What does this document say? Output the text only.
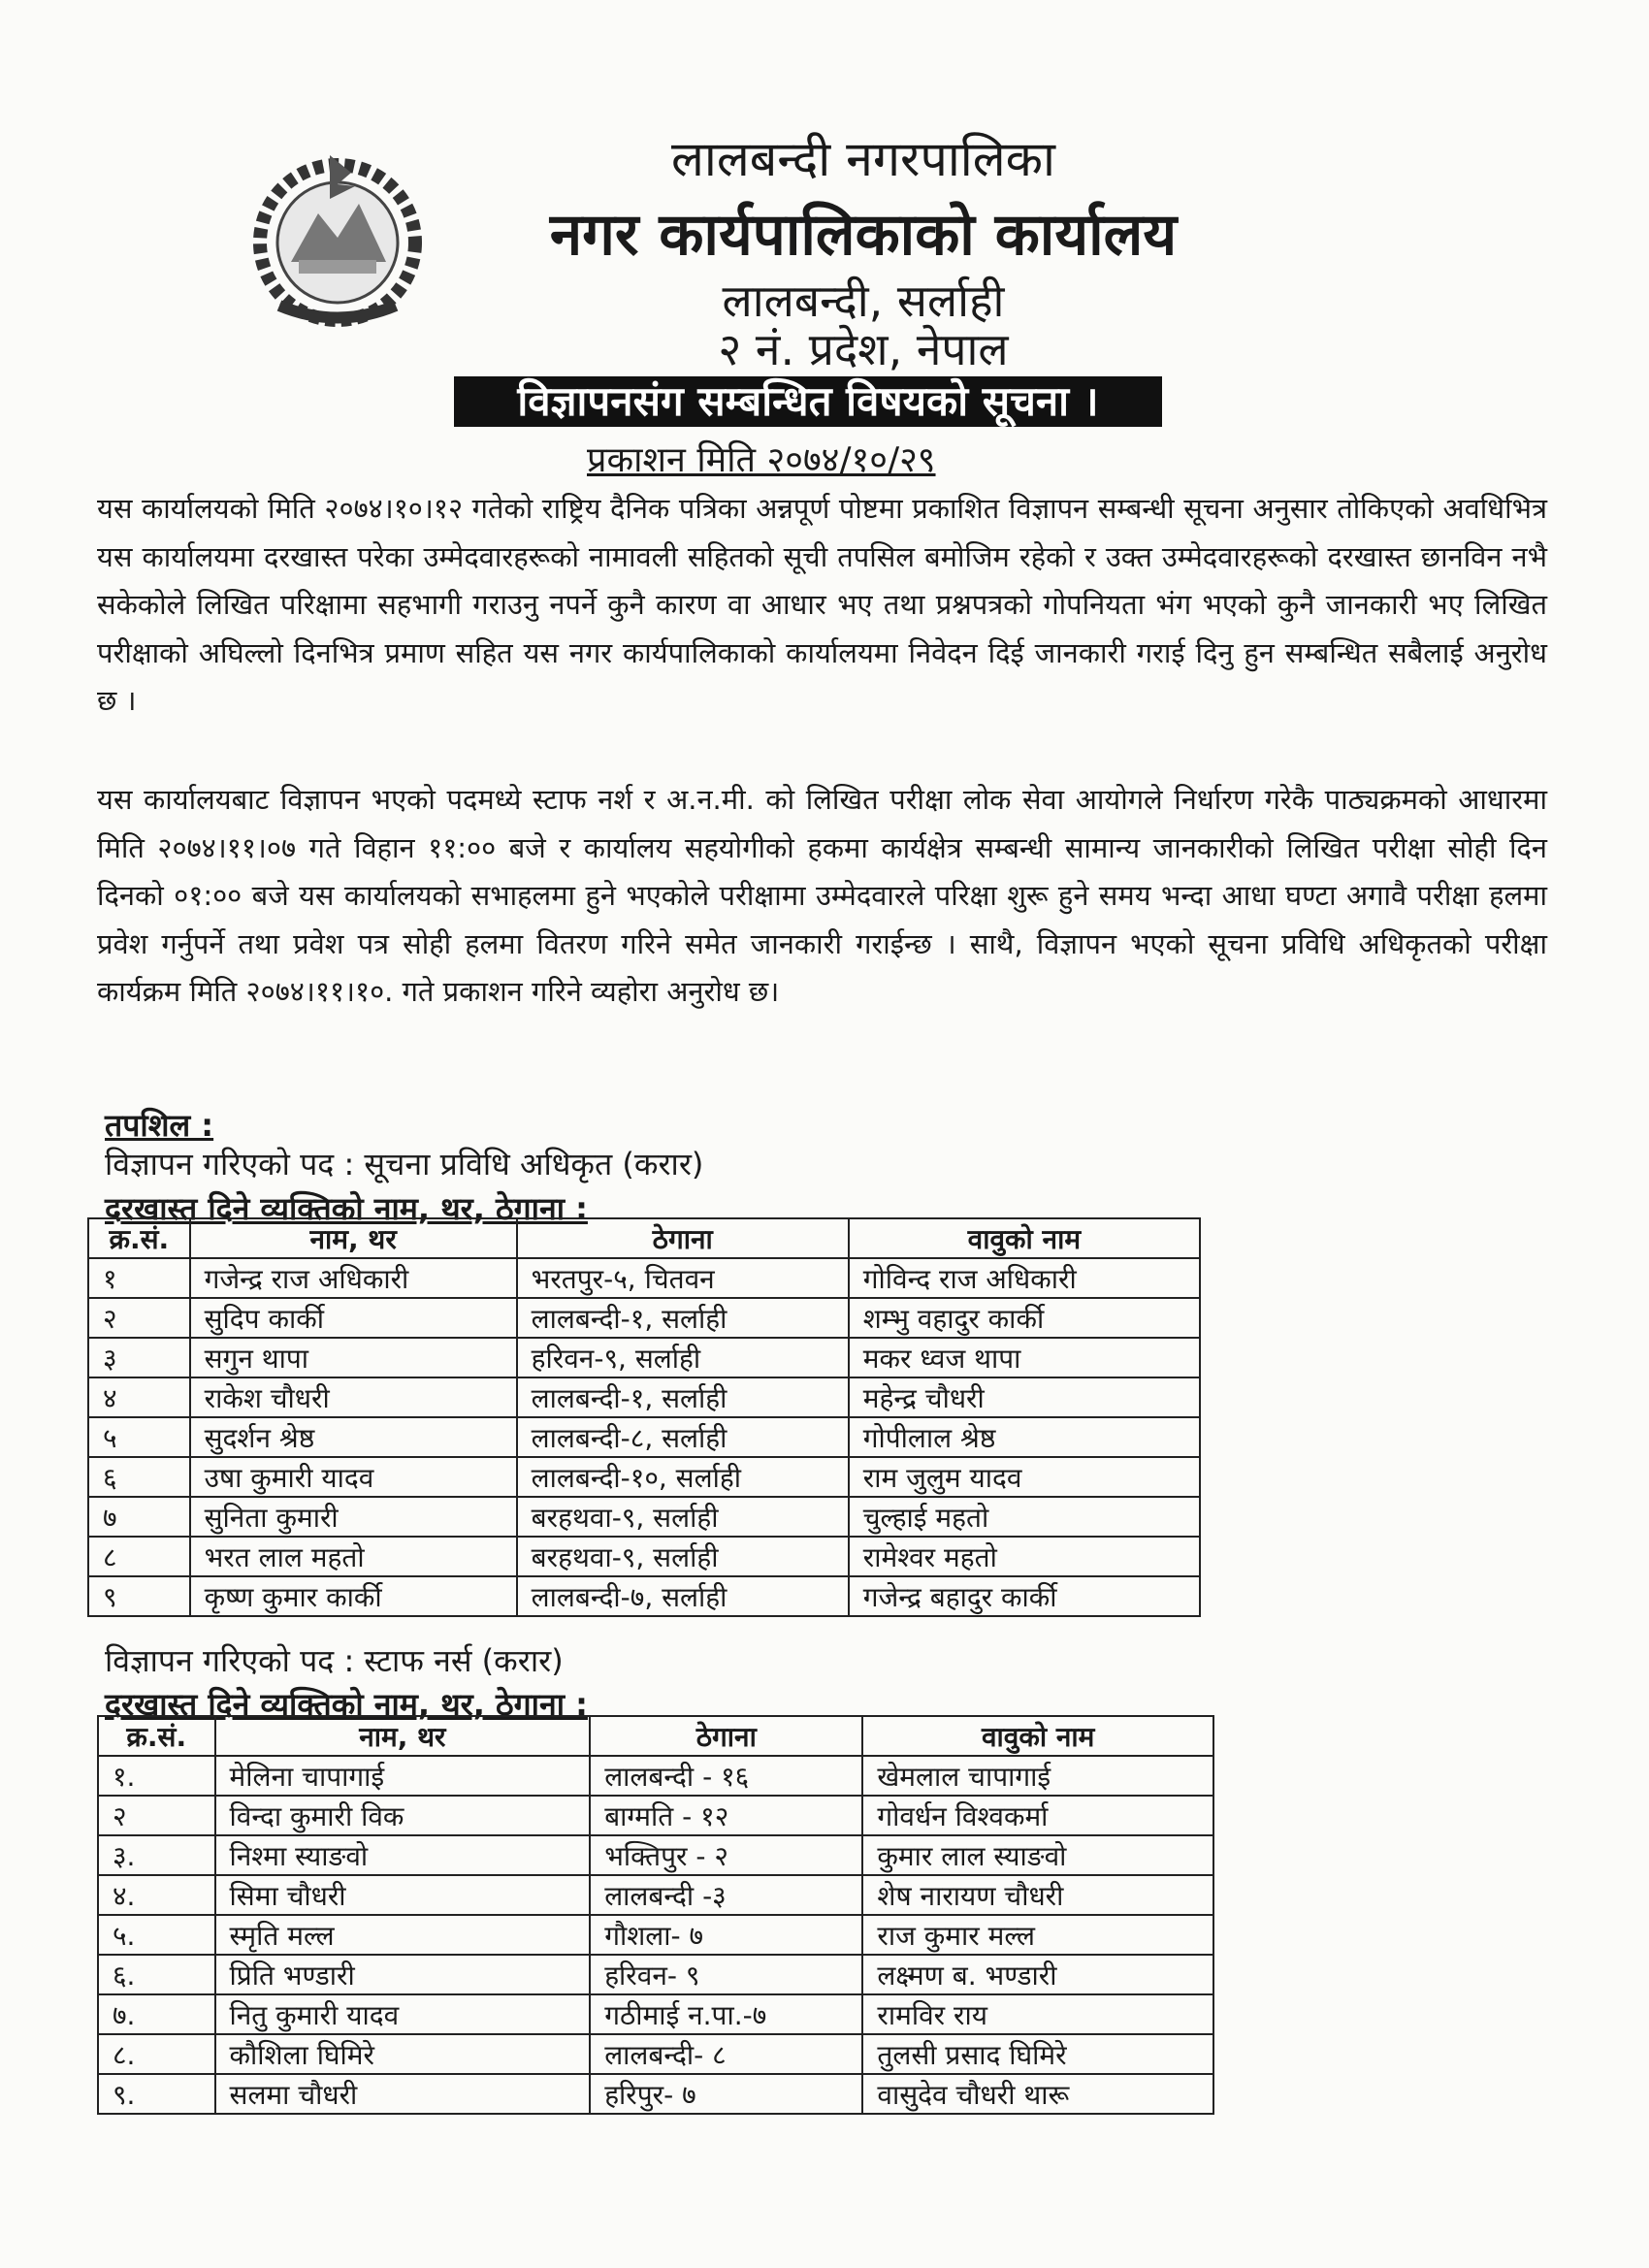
लालबन्दी नगरपालिका
नगर कार्यपालिकाको कार्यालय
लालबन्दी, सर्लाही
२ नं. प्रदेश, नेपाल
विज्ञापनसंग सम्बन्धित विषयको सूचना ।
प्रकाशन मिति २०७४/१०/२९
यस कार्यालयको मिति २०७४।१०।१२ गतेको राष्ट्रिय दैनिक पत्रिका अन्नपूर्ण पोष्टमा प्रकाशित विज्ञापन सम्बन्धी सूचना अनुसार तोकिएको अवधिभित्र यस कार्यालयमा दरखास्त परेका उम्मेदवारहरूको नामावली सहितको सूची तपसिल बमोजिम रहेको र उक्त उम्मेदवारहरूको दरखास्त छानविन नभै सकेकोले लिखित परिक्षामा सहभागी गराउनु नपर्ने कुनै कारण वा आधार भए तथा प्रश्नपत्रको गोपनियता भंग भएको कुनै जानकारी भए लिखित परीक्षाको अघिल्लो दिनभित्र प्रमाण सहित यस नगर कार्यपालिकाको कार्यालयमा निवेदन दिई जानकारी गराई दिनु हुन सम्बन्धित सबैलाई अनुरोध छ ।
यस कार्यालयबाट विज्ञापन भएको पदमध्ये स्टाफ नर्श र अ.न.मी. को लिखित परीक्षा लोक सेवा आयोगले निर्धारण गरेकै पाठ्यक्रमको आधारमा मिति २०७४।११।०७ गते विहान ११:०० बजे र कार्यालय सहयोगीको हकमा कार्यक्षेत्र सम्बन्धी सामान्य जानकारीको लिखित परीक्षा सोही दिन दिनको ०१:०० बजे यस कार्यालयको सभाहलमा हुने भएकोले परीक्षामा उम्मेदवारले परिक्षा शुरू हुने समय भन्दा आधा घण्टा अगावै परीक्षा हलमा प्रवेश गर्नुपर्ने तथा प्रवेश पत्र सोही हलमा वितरण गरिने समेत जानकारी गराईन्छ । साथै, विज्ञापन भएको सूचना प्रविधि अधिकृतको परीक्षा कार्यक्रम मिति २०७४।११।१०. गते प्रकाशन गरिने व्यहोरा अनुरोध छ।
तपशिल :
विज्ञापन गरिएको पद : सूचना प्रविधि अधिकृत (करार)
दरखास्त दिने व्यक्तिको नाम, थर, ठेगाना :
क्र.सं.	नाम, थर	ठेगाना	वावुको नाम
१	गजेन्द्र राज अधिकारी	भरतपुर-५, चितवन	गोविन्द राज अधिकारी
२	सुदिप कार्की	लालबन्दी-१, सर्लाही	शम्भु वहादुर कार्की
३	सगुन थापा	हरिवन-९, सर्लाही	मकर ध्वज थापा
४	राकेश चौधरी	लालबन्दी-१, सर्लाही	महेन्द्र चौधरी
५	सुदर्शन श्रेष्ठ	लालबन्दी-८, सर्लाही	गोपीलाल श्रेष्ठ
६	उषा कुमारी यादव	लालबन्दी-१०, सर्लाही	राम जुलुम यादव
७	सुनिता कुमारी	बरहथवा-९, सर्लाही	चुल्हाई महतो
८	भरत लाल महतो	बरहथवा-९, सर्लाही	रामेश्वर महतो
९	कृष्ण कुमार कार्की	लालबन्दी-७, सर्लाही	गजेन्द्र बहादुर कार्की
विज्ञापन गरिएको पद : स्टाफ नर्स (करार)
दरखास्त दिने व्यक्तिको नाम, थर, ठेगाना :
क्र.सं.	नाम, थर	ठेगाना	वावुको नाम
१.	मेलिना चापागाई	लालबन्दी - १६	खेमलाल चापागाई
२	विन्दा कुमारी विक	बाग्मति - १२	गोवर्धन विश्वकर्मा
३.	निश्मा स्याङवो	भक्तिपुर - २	कुमार लाल स्याङवो
४.	सिमा चौधरी	लालबन्दी -३	शेष नारायण चौधरी
५.	स्मृति मल्ल	गौशला- ७	राज कुमार मल्ल
६.	प्रिति भण्डारी	हरिवन- ९	लक्ष्मण ब. भण्डारी
७.	नितु कुमारी यादव	गठीमाई न.पा.-७	रामविर राय
८.	कौशिला घिमिरे	लालबन्दी- ८	तुलसी प्रसाद घिमिरे
९.	सलमा चौधरी	हरिपुर- ७	वासुदेव चौधरी थारू
